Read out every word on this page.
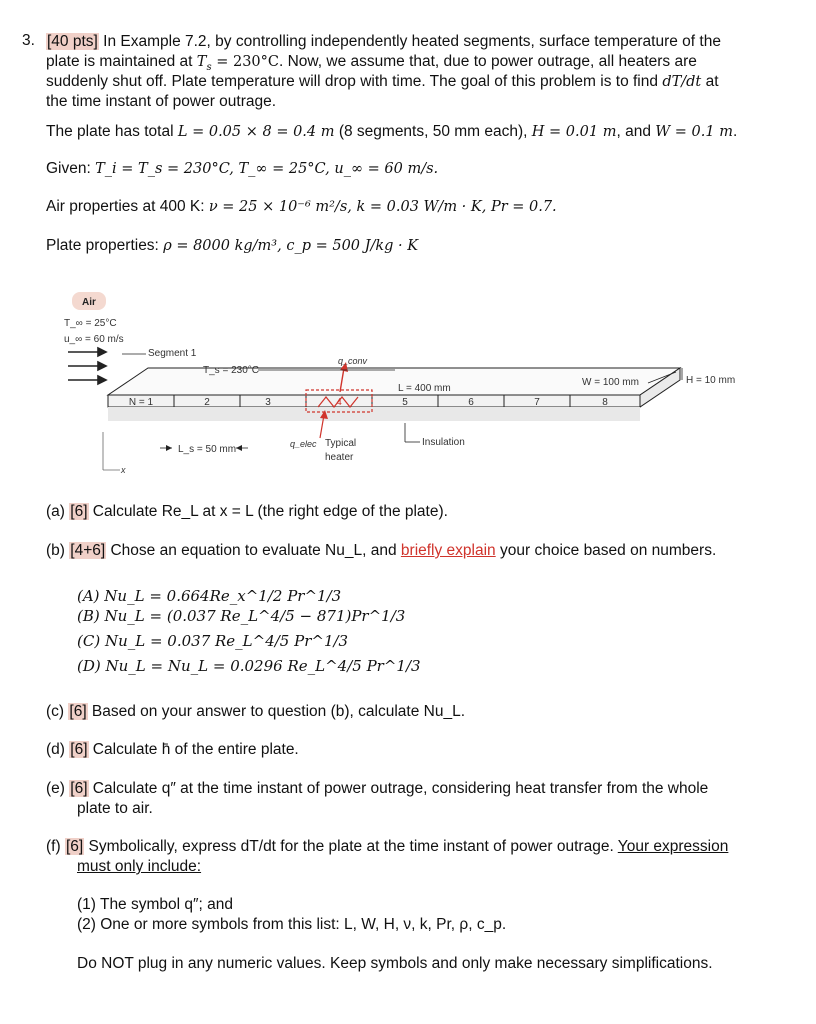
3. [40 pts] In Example 7.2, by controlling independently heated segments, surface temperature of the
plate is maintained at $T_s = 230^\circ C$. Now, we assume that, due to power outrage, all heaters are
suddenly shut off. Plate temperature will drop with time. The goal of this problem is to find dT/dt at
the time instant of power outrage.
The plate has total L = 0.05 × 8 = 0.4 m (8 segments, 50 mm each), H = 0.01 m, and W = 0.1 m.
Given: T_i = T_s = 230°C, T_∞ = 25°C, u_∞ = 60 m/s.
Air properties at 400 K: ν = 25 × 10⁻⁶ m²/s, k = 0.03 W/m · K, Pr = 0.7.
Plate properties: ρ = 8000 kg/m³, c_p = 500 J/kg · K
Air
T_∞ = 25°C
u_∞ = 60 m/s
N = 1	2	3	4	5	6	7	8
q_conv
q_elec Typical
heater
Segment 1
T_s = 230°C
L = 400 mm
W = 100 mm	H = 10 mm
Insulation
L_s = 50 mm
x
(a) [6] Calculate Re_L at x = L (the right edge of the plate).
(b) [4+6] Chose an equation to evaluate Nu_L, and briefly explain your choice based on numbers.
(A) Nu_L = 0.664Re_x^1/2 Pr^1/3
(B) Nu_L = (0.037 Re_L^4/5 − 871)Pr^1/3
(C) Nu_L = 0.037 Re_L^4/5 Pr^1/3
(D) Nu_L = Nu_L = 0.0296 Re_L^4/5 Pr^1/3
(c) [6] Based on your answer to question (b), calculate Nu_L.
(d) [6] Calculate h̄ of the entire plate.
(e) [6] Calculate q″ at the time instant of power outrage, considering heat transfer from the whole
plate to air.
(f) [6] Symbolically, express dT/dt for the plate at the time instant of power outrage. Your expression
must only include:
(1) The symbol q″; and
(2) One or more symbols from this list: L, W, H, ν, k, Pr, ρ, c_p.
Do NOT plug in any numeric values. Keep symbols and only make necessary simplifications.
